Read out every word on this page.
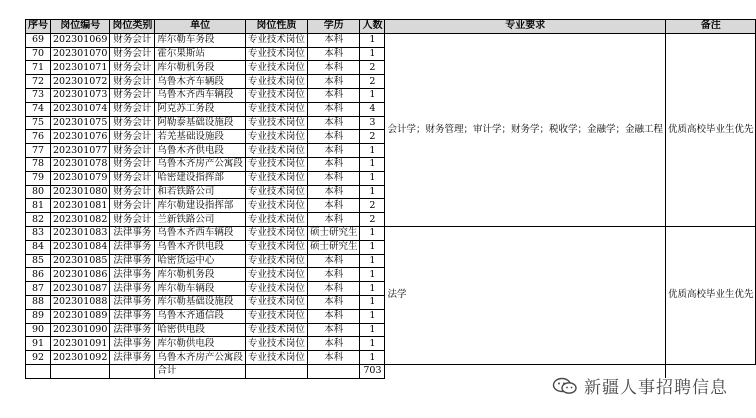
序号	岗位编号	岗位类别	单位	岗位性质	学历	人数	专业要求	备注
69	202301069	财务会计	库尔勒车务段	专业技术岗位	本科	1	会计学；财务管理；审计学；财务学；税收学；金融学；金融工程	优质高校毕业生优先
70	202301070	财务会计	霍尔果斯站	专业技术岗位	本科	1		
71	202301071	财务会计	库尔勒机务段	专业技术岗位	本科	2		
72	202301072	财务会计	乌鲁木齐车辆段	专业技术岗位	本科	2		
73	202301073	财务会计	乌鲁木齐西车辆段	专业技术岗位	本科	1		
74	202301074	财务会计	阿克苏工务段	专业技术岗位	本科	4		
75	202301075	财务会计	阿勒泰基础设施段	专业技术岗位	本科	3		
76	202301076	财务会计	若羌基础设施段	专业技术岗位	本科	2		
77	202301077	财务会计	乌鲁木齐供电段	专业技术岗位	本科	1		
78	202301078	财务会计	乌鲁木齐房产公寓段	专业技术岗位	本科	1		
79	202301079	财务会计	哈密建设指挥部	专业技术岗位	本科	1		
80	202301080	财务会计	和若铁路公司	专业技术岗位	本科	1		
81	202301081	财务会计	库尔勒建设指挥部	专业技术岗位	本科	2		
82	202301082	财务会计	兰新铁路公司	专业技术岗位	本科	2		
83	202301083	法律事务	乌鲁木齐西车辆段	专业技术岗位	硕士研究生	1	法学	优质高校毕业生优先
84	202301084	法律事务	乌鲁木齐供电段	专业技术岗位	硕士研究生	1		
85	202301085	法律事务	哈密货运中心	专业技术岗位	本科	1		
86	202301086	法律事务	库尔勒机务段	专业技术岗位	本科	1		
87	202301087	法律事务	库尔勒车辆段	专业技术岗位	本科	1		
88	202301088	法律事务	库尔勒基础设施段	专业技术岗位	本科	1		
89	202301089	法律事务	乌鲁木齐通信段	专业技术岗位	本科	1		
90	202301090	法律事务	哈密供电段	专业技术岗位	本科	1		
91	202301091	法律事务	库尔勒供电段	专业技术岗位	本科	1		
92	202301092	法律事务	乌鲁木齐房产公寓段	专业技术岗位	本科	1		
			合计			703		
新疆人事招聘信息
